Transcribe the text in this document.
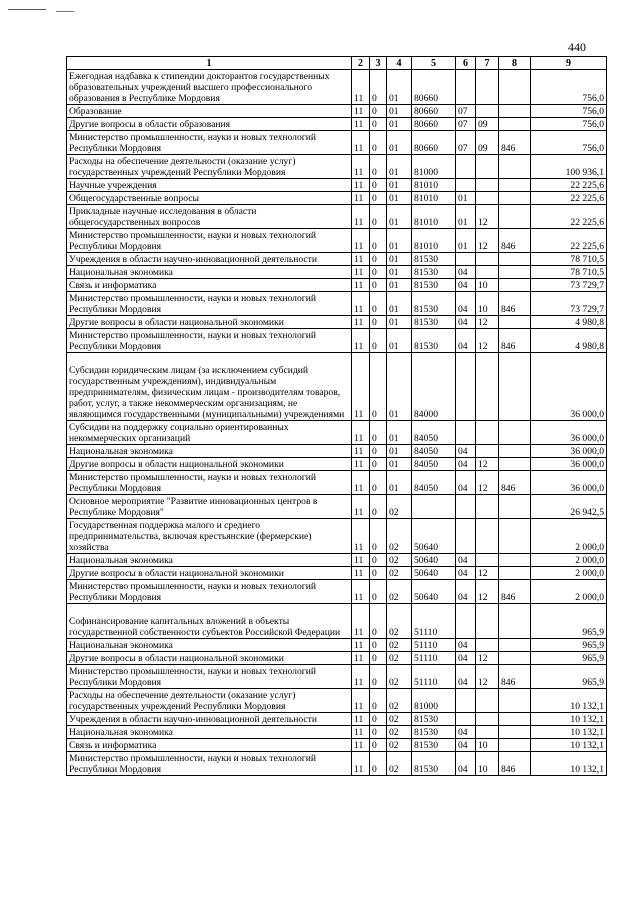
440
1	2	3	4	5	6	7	8	9
Ежегодная надбавка к стипендии докторантов государственных образовательных учреждений высшего профессионального образования в Республике Мордовия	11	0	01	80660				756,0
Образование	11	0	01	80660	07			756,0
Другие вопросы в области образования	11	0	01	80660	07	09		756,0
Министерство промышленности, науки и новых технологий Республики Мордовия	11	0	01	80660	07	09	846	756,0
Расходы на обеспечение деятельности (оказание услуг) государственных учреждений Республики Мордовия	11	0	01	81000				100 936,1
Научные учреждения	11	0	01	81010				22 225,6
Общегосударственные вопросы	11	0	01	81010	01			22 225,6
Прикладные научные исследования в области общегосударственных вопросов	11	0	01	81010	01	12		22 225,6
Министерство промышленности, науки и новых технологий Республики Мордовия	11	0	01	81010	01	12	846	22 225,6
Учреждения в области научно-инновационной деятельности	11	0	01	81530				78 710,5
Национальная экономика	11	0	01	81530	04			78 710,5
Связь и информатика	11	0	01	81530	04	10		73 729,7
Министерство промышленности, науки и новых технологий Республики Мордовия	11	0	01	81530	04	10	846	73 729,7
Другие вопросы в области национальной экономики	11	0	01	81530	04	12		4 980,8
Министерство промышленности, науки и новых технологий Республики Мордовия	11	0	01	81530	04	12	846	4 980,8
Субсидии юридическим лицам (за исключением субсидий государственным учреждениям), индивидуальным предпринимателям, физическим лицам - производителям товаров, работ, услуг, а также некоммерческим организациям, не являющимся государственными (муниципальными) учреждениями	11	0	01	84000				36 000,0
Субсидии на поддержку социально ориентированных некоммерческих организаций	11	0	01	84050				36 000,0
Национальная экономика	11	0	01	84050	04			36 000,0
Другие вопросы в области национальной экономики	11	0	01	84050	04	12		36 000,0
Министерство промышленности, науки и новых технологий Республики Мордовия	11	0	01	84050	04	12	846	36 000,0
Основное мероприятие "Развитие инновационных центров в Республике Мордовия"	11	0	02					26 942,5
Государственная поддержка малого и среднего предпринимательства, включая крестьянские (фермерские) хозяйства	11	0	02	50640				2 000,0
Национальная экономика	11	0	02	50640	04			2 000,0
Другие вопросы в области национальной экономики	11	0	02	50640	04	12		2 000,0
Министерство промышленности, науки и новых технологий Республики Мордовия	11	0	02	50640	04	12	846	2 000,0
Софинансирование капитальных вложений в объекты государственной собственности субъектов Российской Федерации	11	0	02	51110				965,9
Национальная экономика	11	0	02	51110	04			965,9
Другие вопросы в области национальной экономики	11	0	02	51110	04	12		965,9
Министерство промышленности, науки и новых технологий Республики Мордовия	11	0	02	51110	04	12	846	965,9
Расходы на обеспечение деятельности (оказание услуг) государственных учреждений Республики Мордовия	11	0	02	81000				10 132,1
Учреждения в области научно-инновационной деятельности	11	0	02	81530				10 132,1
Национальная экономика	11	0	02	81530	04			10 132,1
Связь и информатика	11	0	02	81530	04	10		10 132,1
Министерство промышленности, науки и новых технологий Республики Мордовия	11	0	02	81530	04	10	846	10 132,1
